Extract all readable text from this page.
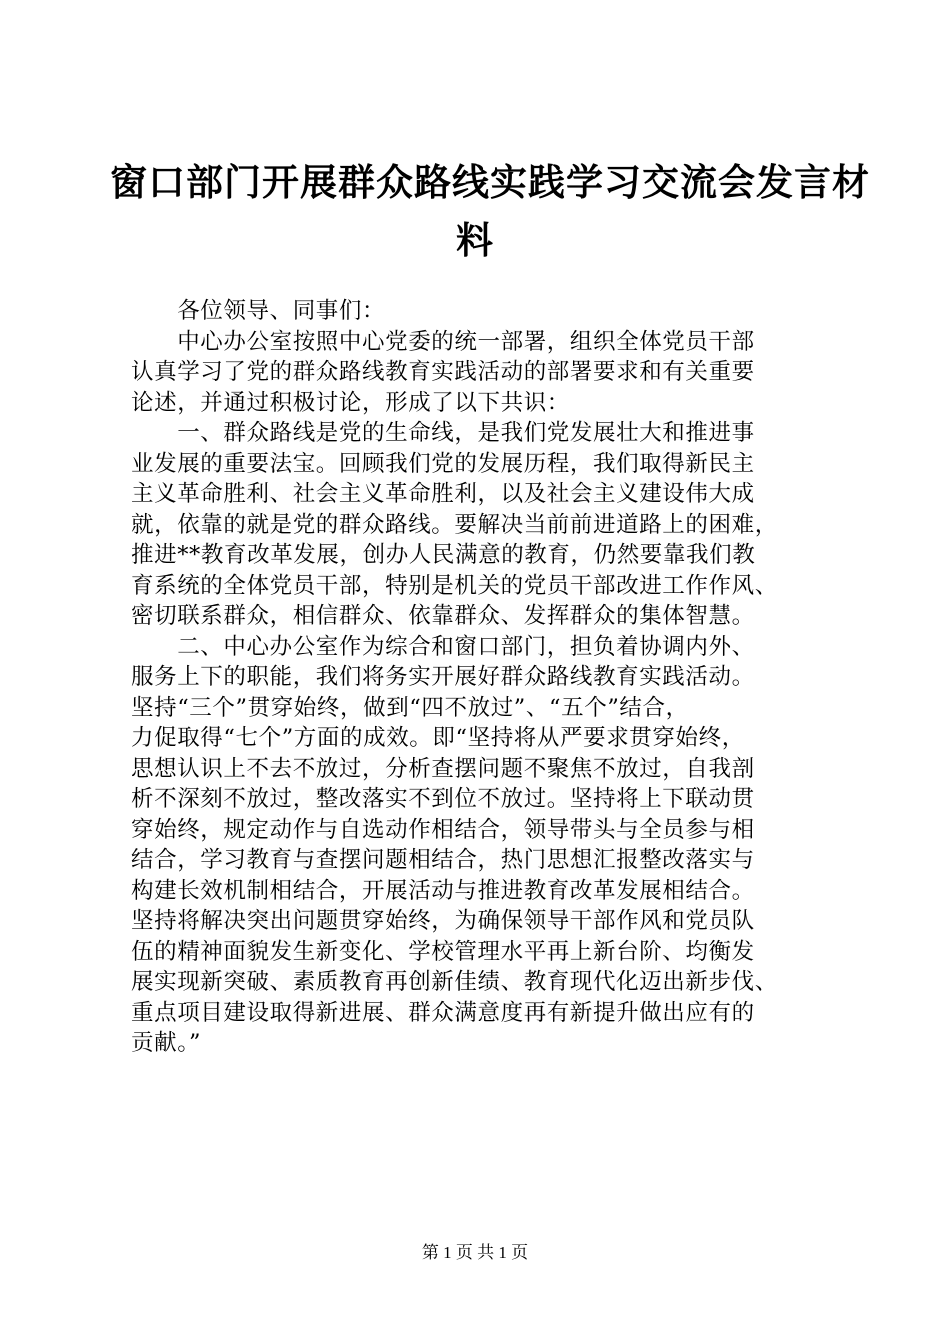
窗口部门开展群众路线实践学习交流会发言材
料
　　各位领导、同事们：
　　中心办公室按照中心党委的统一部署，组织全体党员干部
认真学习了党的群众路线教育实践活动的部署要求和有关重要
论述，并通过积极讨论，形成了以下共识：
　　一、群众路线是党的生命线，是我们党发展壮大和推进事
业发展的重要法宝。回顾我们党的发展历程，我们取得新民主
主义革命胜利、社会主义革命胜利，以及社会主义建设伟大成
就，依靠的就是党的群众路线。要解决当前前进道路上的困难，
推进**教育改革发展，创办人民满意的教育，仍然要靠我们教
育系统的全体党员干部，特别是机关的党员干部改进工作作风、
密切联系群众，相信群众、依靠群众、发挥群众的集体智慧。
　　二、中心办公室作为综合和窗口部门，担负着协调内外、
服务上下的职能，我们将务实开展好群众路线教育实践活动。
坚持“三个”贯穿始终，做到“四不放过”、“五个”结合，
力促取得“七个”方面的成效。即“坚持将从严要求贯穿始终，
思想认识上不去不放过，分析查摆问题不聚焦不放过，自我剖
析不深刻不放过，整改落实不到位不放过。坚持将上下联动贯
穿始终，规定动作与自选动作相结合，领导带头与全员参与相
结合，学习教育与查摆问题相结合，热门思想汇报整改落实与
构建长效机制相结合，开展活动与推进教育改革发展相结合。
坚持将解决突出问题贯穿始终，为确保领导干部作风和党员队
伍的精神面貌发生新变化、学校管理水平再上新台阶、均衡发
展实现新突破、素质教育再创新佳绩、教育现代化迈出新步伐、
重点项目建设取得新进展、群众满意度再有新提升做出应有的
贡献。”
第 1 页 共 1 页
